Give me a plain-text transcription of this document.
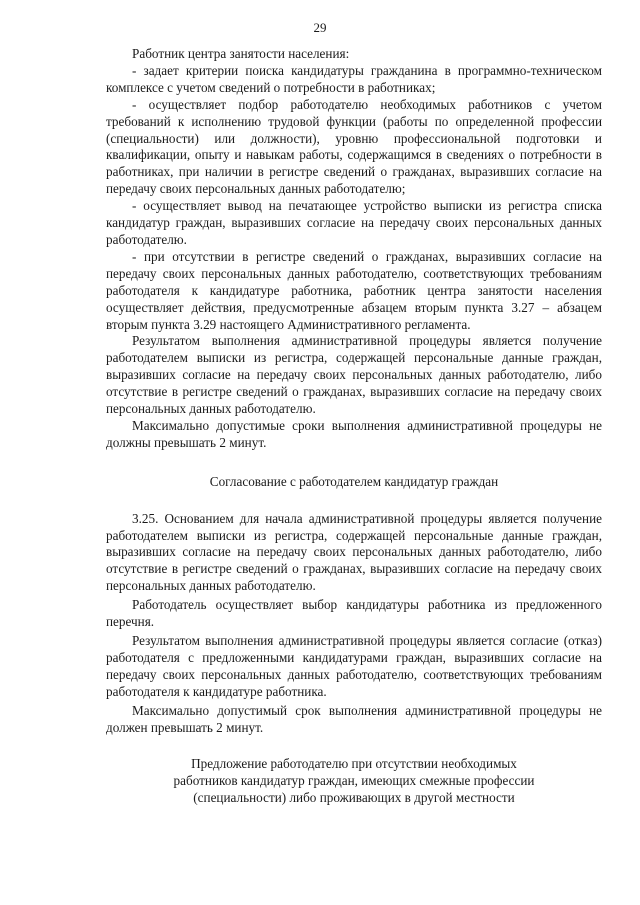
29

Работник центра занятости населения:

- задает критерии поиска кандидатуры гражданина в программно-техническом комплексе с учетом сведений о потребности в работниках;

- осуществляет подбор работодателю необходимых работников с учетом требований к исполнению трудовой функции (работы по определенной профессии (специальности) или должности), уровню профессиональной подготовки и квалификации, опыту и навыкам работы, содержащимся в сведениях о потребности в работниках, при наличии в регистре сведений о гражданах, выразивших согласие на передачу своих персональных данных работодателю;

- осуществляет вывод на печатающее устройство выписки из регистра списка кандидатур граждан, выразивших согласие на передачу своих персональных данных работодателю.

- при отсутствии в регистре сведений о гражданах, выразивших согласие на передачу своих персональных данных работодателю, соответствующих требованиям работодателя к кандидатуре работника, работник центра занятости населения осуществляет действия, предусмотренные абзацем вторым пункта 3.27 – абзацем вторым пункта 3.29 настоящего Административного регламента.

Результатом выполнения административной процедуры является получение работодателем выписки из регистра, содержащей персональные данные граждан, выразивших согласие на передачу своих персональных данных работодателю, либо отсутствие в регистре сведений о гражданах, выразивших согласие на передачу своих персональных данных работодателю.

Максимально допустимые сроки выполнения административной процедуры не должны превышать 2 минут.

Согласование с работодателем кандидатур граждан

3.25. Основанием для начала административной процедуры является получение работодателем выписки из регистра, содержащей персональные данные граждан, выразивших согласие на передачу своих персональных данных работодателю, либо отсутствие в регистре сведений о гражданах, выразивших согласие на передачу своих персональных данных работодателю.

Работодатель осуществляет выбор кандидатуры работника из предложенного перечня.

Результатом выполнения административной процедуры является согласие (отказ) работодателя с предложенными кандидатурами граждан, выразивших согласие на передачу своих персональных данных работодателю, соответствующих требованиям работодателя к кандидатуре работника.

Максимально допустимый срок выполнения административной процедуры не должен превышать 2 минут.

Предложение работодателю при отсутствии необходимых
работников кандидатур граждан, имеющих смежные профессии
(специальности) либо проживающих в другой местности
